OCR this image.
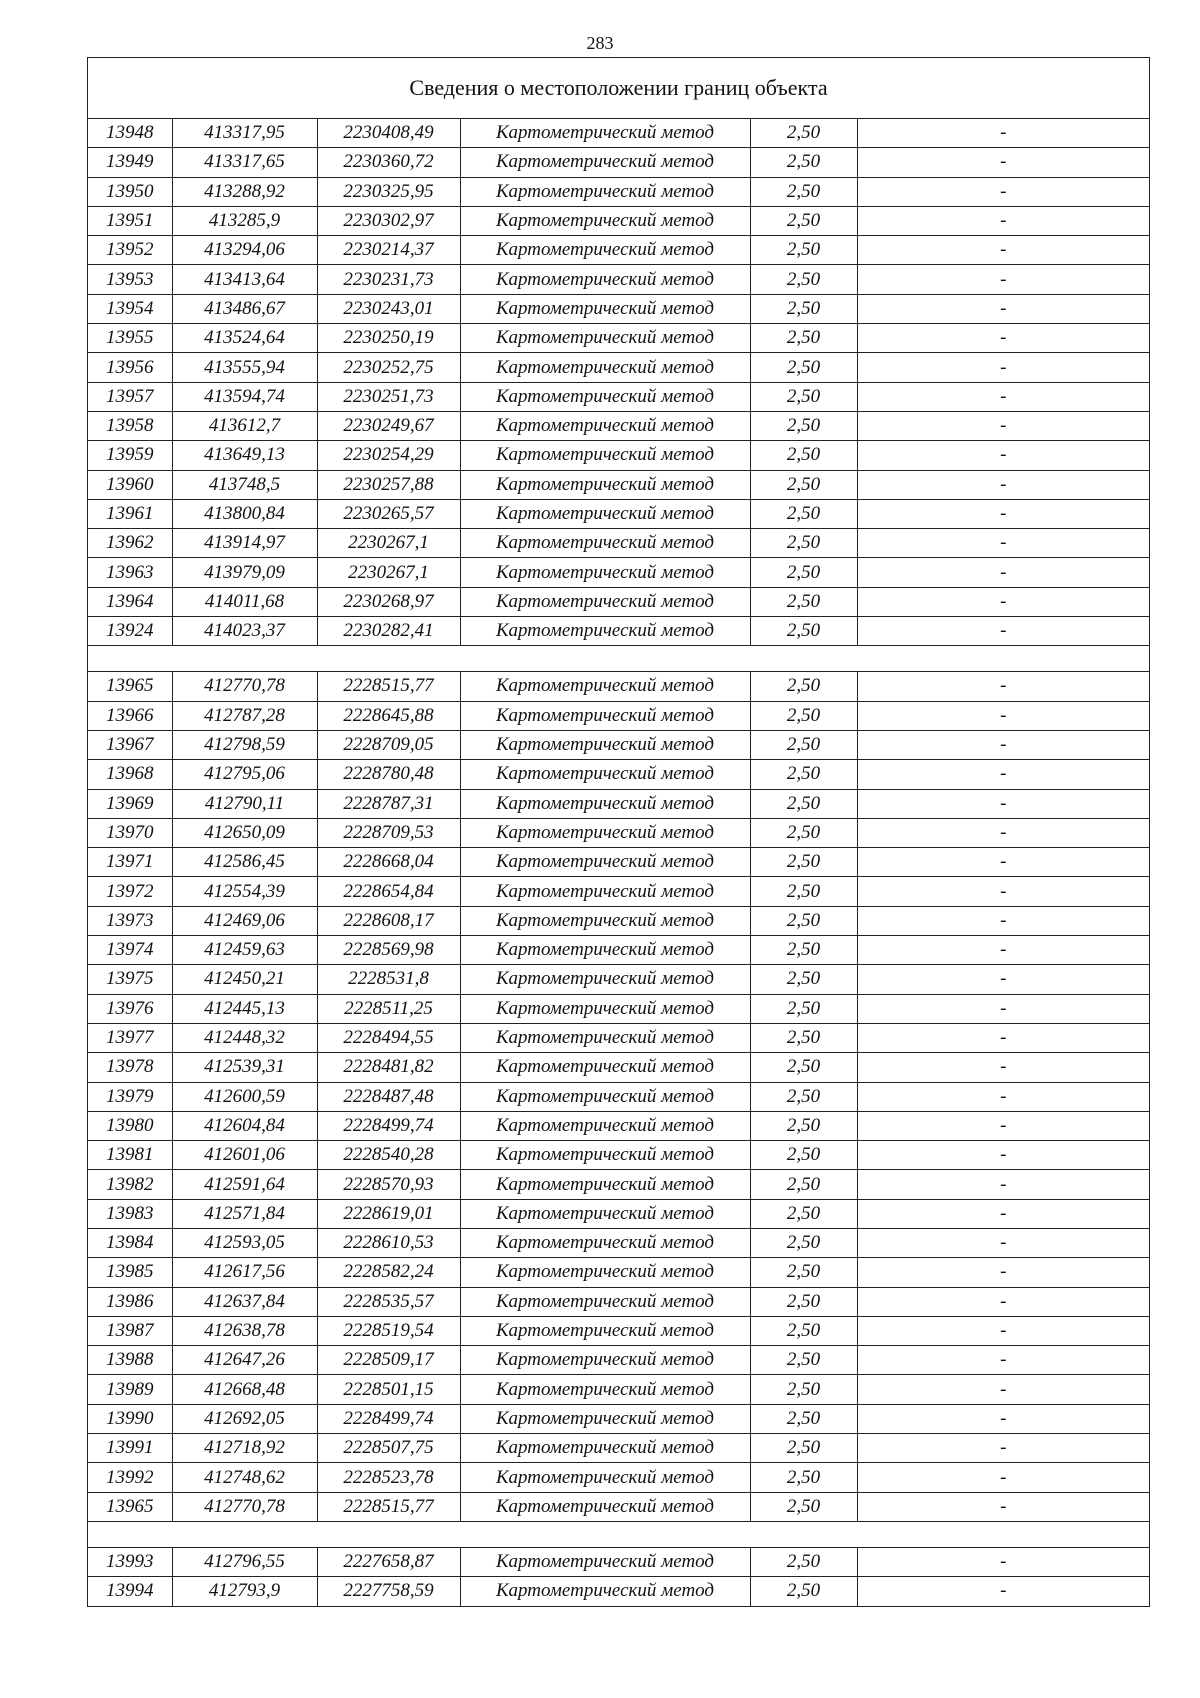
283
Сведения о местоположении границ объекта
13948	413317,95	2230408,49	Картометрический метод	2,50	-
13949	413317,65	2230360,72	Картометрический метод	2,50	-
13950	413288,92	2230325,95	Картометрический метод	2,50	-
13951	413285,9	2230302,97	Картометрический метод	2,50	-
13952	413294,06	2230214,37	Картометрический метод	2,50	-
13953	413413,64	2230231,73	Картометрический метод	2,50	-
13954	413486,67	2230243,01	Картометрический метод	2,50	-
13955	413524,64	2230250,19	Картометрический метод	2,50	-
13956	413555,94	2230252,75	Картометрический метод	2,50	-
13957	413594,74	2230251,73	Картометрический метод	2,50	-
13958	413612,7	2230249,67	Картометрический метод	2,50	-
13959	413649,13	2230254,29	Картометрический метод	2,50	-
13960	413748,5	2230257,88	Картометрический метод	2,50	-
13961	413800,84	2230265,57	Картометрический метод	2,50	-
13962	413914,97	2230267,1	Картометрический метод	2,50	-
13963	413979,09	2230267,1	Картометрический метод	2,50	-
13964	414011,68	2230268,97	Картометрический метод	2,50	-
13924	414023,37	2230282,41	Картометрический метод	2,50	-

13965	412770,78	2228515,77	Картометрический метод	2,50	-
13966	412787,28	2228645,88	Картометрический метод	2,50	-
13967	412798,59	2228709,05	Картометрический метод	2,50	-
13968	412795,06	2228780,48	Картометрический метод	2,50	-
13969	412790,11	2228787,31	Картометрический метод	2,50	-
13970	412650,09	2228709,53	Картометрический метод	2,50	-
13971	412586,45	2228668,04	Картометрический метод	2,50	-
13972	412554,39	2228654,84	Картометрический метод	2,50	-
13973	412469,06	2228608,17	Картометрический метод	2,50	-
13974	412459,63	2228569,98	Картометрический метод	2,50	-
13975	412450,21	2228531,8	Картометрический метод	2,50	-
13976	412445,13	2228511,25	Картометрический метод	2,50	-
13977	412448,32	2228494,55	Картометрический метод	2,50	-
13978	412539,31	2228481,82	Картометрический метод	2,50	-
13979	412600,59	2228487,48	Картометрический метод	2,50	-
13980	412604,84	2228499,74	Картометрический метод	2,50	-
13981	412601,06	2228540,28	Картометрический метод	2,50	-
13982	412591,64	2228570,93	Картометрический метод	2,50	-
13983	412571,84	2228619,01	Картометрический метод	2,50	-
13984	412593,05	2228610,53	Картометрический метод	2,50	-
13985	412617,56	2228582,24	Картометрический метод	2,50	-
13986	412637,84	2228535,57	Картометрический метод	2,50	-
13987	412638,78	2228519,54	Картометрический метод	2,50	-
13988	412647,26	2228509,17	Картометрический метод	2,50	-
13989	412668,48	2228501,15	Картометрический метод	2,50	-
13990	412692,05	2228499,74	Картометрический метод	2,50	-
13991	412718,92	2228507,75	Картометрический метод	2,50	-
13992	412748,62	2228523,78	Картометрический метод	2,50	-
13965	412770,78	2228515,77	Картометрический метод	2,50	-

13993	412796,55	2227658,87	Картометрический метод	2,50	-
13994	412793,9	2227758,59	Картометрический метод	2,50	-
